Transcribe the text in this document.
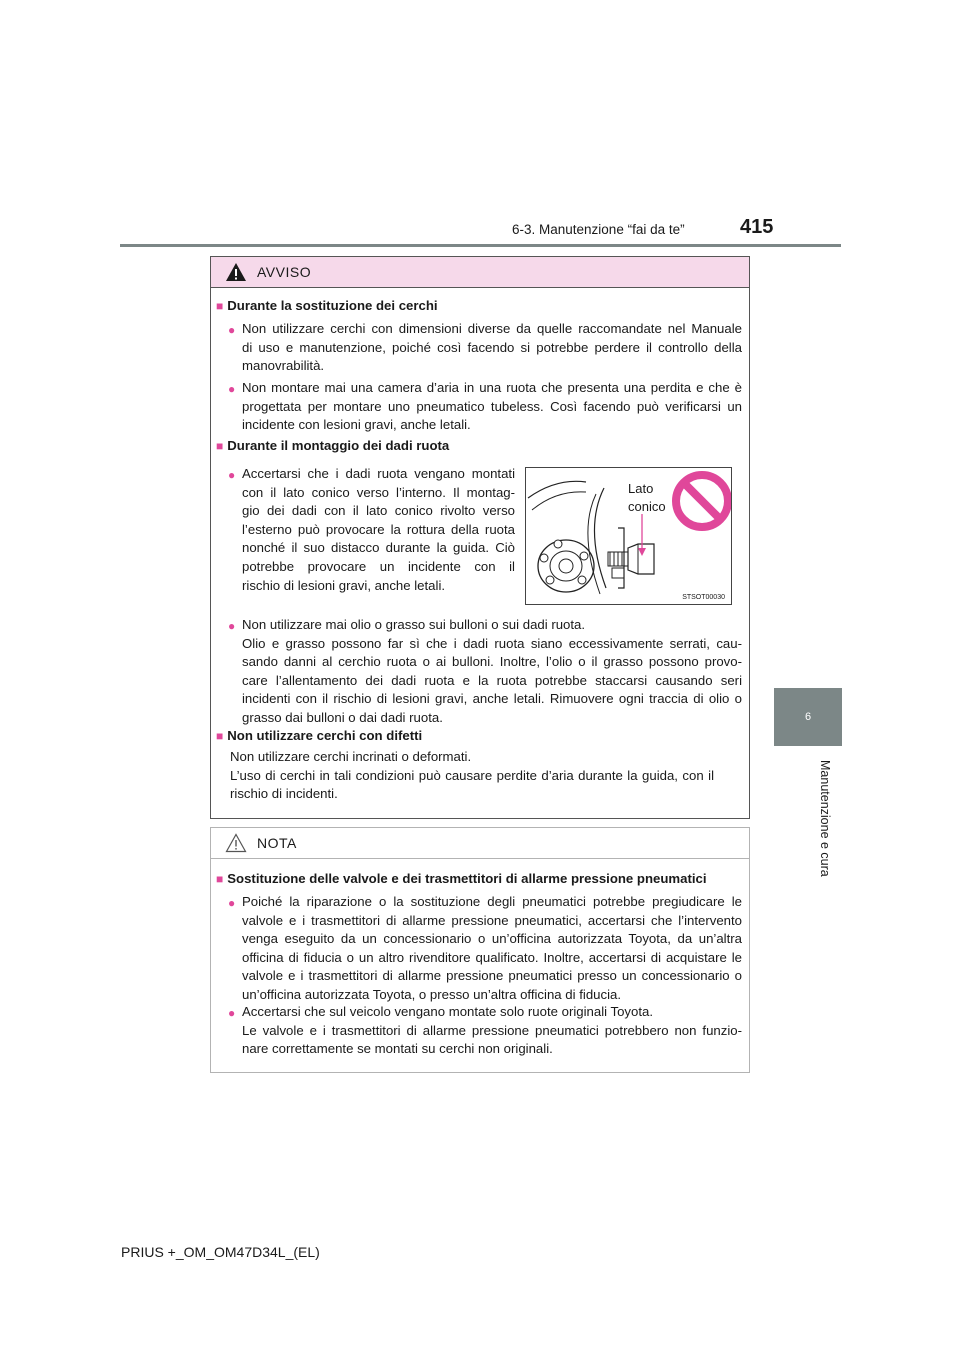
6-3. Manutenzione “fai da te”	415
6
Manutenzione e cura
AVVISO
■ Durante la sostituzione dei cerchi
● Non utilizzare cerchi con dimensioni diverse da quelle raccomandate nel Manuale
di uso e manutenzione, poiché così facendo si potrebbe perdere il controllo della
manovrabilità.
● Non montare mai una camera d’aria in una ruota che presenta una perdita e che è
progettata per montare uno pneumatico tubeless. Così facendo può verificarsi un
incidente con lesioni gravi, anche letali.
■ Durante il montaggio dei dadi ruota
● Accertarsi che i dadi ruota vengano montati
con il lato conico verso l’interno. Il montag-
gio dei dadi con il lato conico rivolto verso
l’esterno può provocare la rottura della ruota
nonché il suo distacco durante la guida. Ciò
potrebbe provocare un incidente con il
rischio di lesioni gravi, anche letali.
● Non utilizzare mai olio o grasso sui bulloni o sui dadi ruota.
Olio e grasso possono far sì che i dadi ruota siano eccessivamente serrati, cau-
sando danni al cerchio ruota o ai bulloni. Inoltre, l’olio o il grasso possono provo-
care l’allentamento dei dadi ruota e la ruota potrebbe staccarsi causando seri
incidenti con il rischio di lesioni gravi, anche letali. Rimuovere ogni traccia di olio o
grasso dai bulloni o dai dadi ruota.
■ Non utilizzare cerchi con difetti
Non utilizzare cerchi incrinati o deformati.
L’uso di cerchi in tali condizioni può causare perdite d’aria durante la guida, con il
rischio di incidenti.
Lato
conico
STSOT00030
NOTA
■ Sostituzione delle valvole e dei trasmettitori di allarme pressione pneumatici
● Poiché la riparazione o la sostituzione degli pneumatici potrebbe pregiudicare le
valvole e i trasmettitori di allarme pressione pneumatici, accertarsi che l’intervento
venga eseguito da un concessionario o un’officina autorizzata Toyota, da un’altra
officina di fiducia o un altro rivenditore qualificato. Inoltre, accertarsi di acquistare le
valvole e i trasmettitori di allarme pressione pneumatici presso un concessionario o
un’officina autorizzata Toyota, o presso un’altra officina di fiducia.
● Accertarsi che sul veicolo vengano montate solo ruote originali Toyota.
Le valvole e i trasmettitori di allarme pressione pneumatici potrebbero non funzio-
nare correttamente se montati su cerchi non originali.
PRIUS +_OM_OM47D34L_(EL)
